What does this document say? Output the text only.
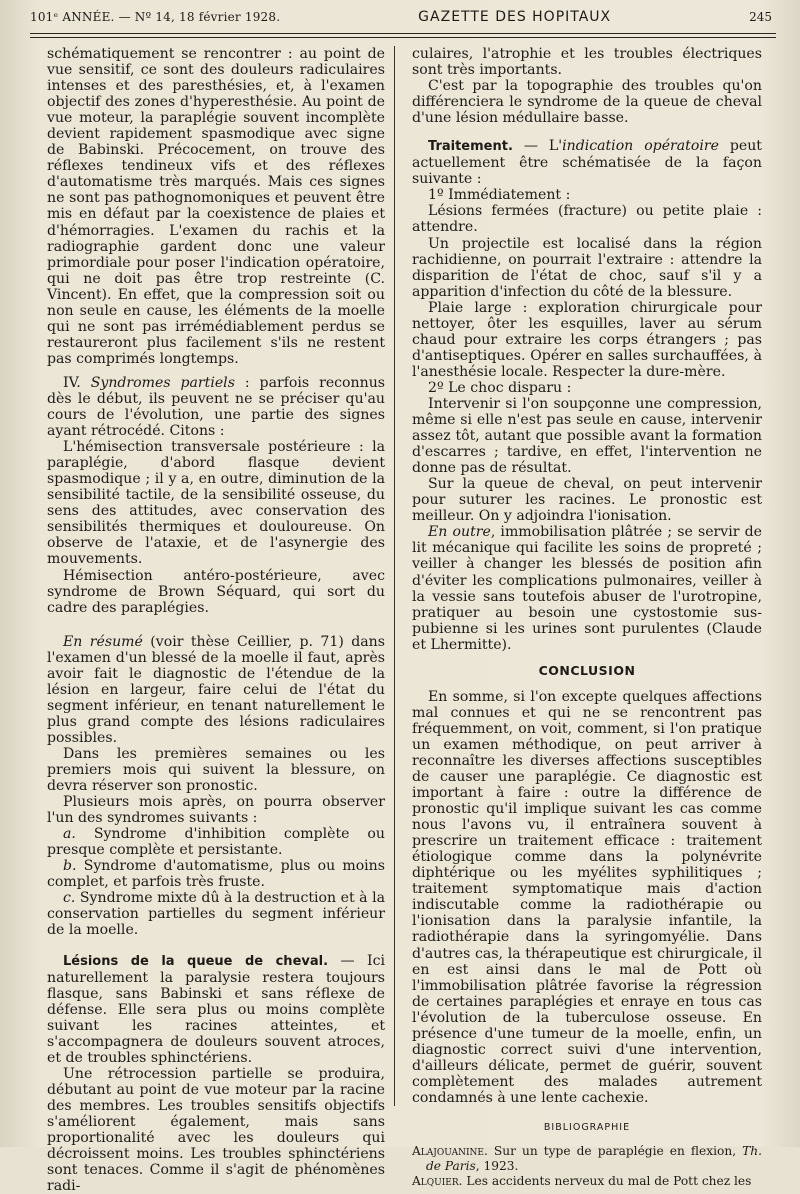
101ᵉ ANNÉE. — Nº 14, 18 février 1928.	GAZETTE DES HOPITAUX	245

schématiquement se rencontrer : au point de vue sensitif, ce sont des douleurs radiculaires intenses et des paresthésies, et, à l'examen objectif des zones d'hyperesthésie. Au point de vue moteur, la paraplégie souvent incomplète devient rapidement spasmodique avec signe de Babinski. Précocement, on trouve des réflexes tendineux vifs et des réflexes d'automatisme très marqués. Mais ces signes ne sont pas pathognomoniques et peuvent être mis en défaut par la coexistence de plaies et d'hémorragies. L'examen du rachis et la radiographie gardent donc une valeur primordiale pour poser l'indication opératoire, qui ne doit pas être trop restreinte (C. Vincent). En effet, que la compression soit ou non seule en cause, les éléments de la moelle qui ne sont pas irrémédiablement perdus se restaureront plus facilement s'ils ne restent pas comprimés longtemps.

IV. Syndromes partiels : parfois reconnus dès le début, ils peuvent ne se préciser qu'au cours de l'évolution, une partie des signes ayant rétrocédé. Citons :

L'hémisection transversale postérieure : la paraplégie, d'abord flasque devient spasmodique ; il y a, en outre, diminution de la sensibilité tactile, de la sensibilité osseuse, du sens des attitudes, avec conservation des sensibilités thermiques et douloureuse. On observe de l'ataxie, et de l'asynergie des mouvements.

Hémisection antéro-postérieure, avec syndrome de Brown Séquard, qui sort du cadre des paraplégies.

En résumé (voir thèse Ceillier, p. 71) dans l'examen d'un blessé de la moelle il faut, après avoir fait le diagnostic de l'étendue de la lésion en largeur, faire celui de l'état du segment inférieur, en tenant naturellement le plus grand compte des lésions radiculaires possibles.

Dans les premières semaines ou les premiers mois qui suivent la blessure, on devra réserver son pronostic.

Plusieurs mois après, on pourra observer l'un des syndromes suivants :

a. Syndrome d'inhibition complète ou presque complète et persistante.

b. Syndrome d'automatisme, plus ou moins complet, et parfois très fruste.

c. Syndrome mixte dû à la destruction et à la conservation partielles du segment inférieur de la moelle.

Lésions de la queue de cheval. — Ici naturellement la paralysie restera toujours flasque, sans Babinski et sans réflexe de défense. Elle sera plus ou moins complète suivant les racines atteintes, et s'accompagnera de douleurs souvent atroces, et de troubles sphinctériens.

Une rétrocession partielle se produira, débutant au point de vue moteur par la racine des membres. Les troubles sensitifs objectifs s'améliorent également, mais sans proportionalité avec les douleurs qui décroissent moins. Les troubles sphinctériens sont tenaces. Comme il s'agit de phénomènes radi-

culaires, l'atrophie et les troubles électriques sont très importants.

C'est par la topographie des troubles qu'on différenciera le syndrome de la queue de cheval d'une lésion médullaire basse.

Traitement. — L'indication opératoire peut actuellement être schématisée de la façon suivante :

1º Immédiatement :

Lésions fermées (fracture) ou petite plaie : attendre.

Un projectile est localisé dans la région rachidienne, on pourrait l'extraire : attendre la disparition de l'état de choc, sauf s'il y a apparition d'infection du côté de la blessure.

Plaie large : exploration chirurgicale pour nettoyer, ôter les esquilles, laver au sérum chaud pour extraire les corps étrangers ; pas d'antiseptiques. Opérer en salles surchauffées, à l'anesthésie locale. Respecter la dure-mère.

2º Le choc disparu :

Intervenir si l'on soupçonne une compression, même si elle n'est pas seule en cause, intervenir assez tôt, autant que possible avant la formation d'escarres ; tardive, en effet, l'intervention ne donne pas de résultat.

Sur la queue de cheval, on peut intervenir pour suturer les racines. Le pronostic est meilleur. On y adjoindra l'ionisation.

En outre, immobilisation plâtrée ; se servir de lit mécanique qui facilite les soins de propreté ; veiller à changer les blessés de position afin d'éviter les complications pulmonaires, veiller à la vessie sans toutefois abuser de l'urotropine, pratiquer au besoin une cystostomie sus-pubienne si les urines sont purulentes (Claude et Lhermitte).

CONCLUSION

En somme, si l'on excepte quelques affections mal connues et qui ne se rencontrent pas fréquemment, on voit, comment, si l'on pratique un examen méthodique, on peut arriver à reconnaître les diverses affections susceptibles de causer une paraplégie. Ce diagnostic est important à faire : outre la différence de pronostic qu'il implique suivant les cas comme nous l'avons vu, il entraînera souvent à prescrire un traitement efficace : traitement étiologique comme dans la polynévrite diphtérique ou les myélites syphilitiques ; traitement symptomatique mais d'action indiscutable comme la radiothérapie ou l'ionisation dans la paralysie infantile, la radiothérapie dans la syringomyélie. Dans d'autres cas, la thérapeutique est chirurgicale, il en est ainsi dans le mal de Pott où l'immobilisation plâtrée favorise la régression de certaines paraplégies et enraye en tous cas l'évolution de la tuberculose osseuse. En présence d'une tumeur de la moelle, enfin, un diagnostic correct suivi d'une intervention, d'ailleurs délicate, permet de guérir, souvent complètement des malades autrement condamnés à une lente cachexie.

BIBLIOGRAPHIE

Alajouanine. Sur un type de paraplégie en flexion, Th. de Paris, 1923.

Alquier. Les accidents nerveux du mal de Pott chez les
